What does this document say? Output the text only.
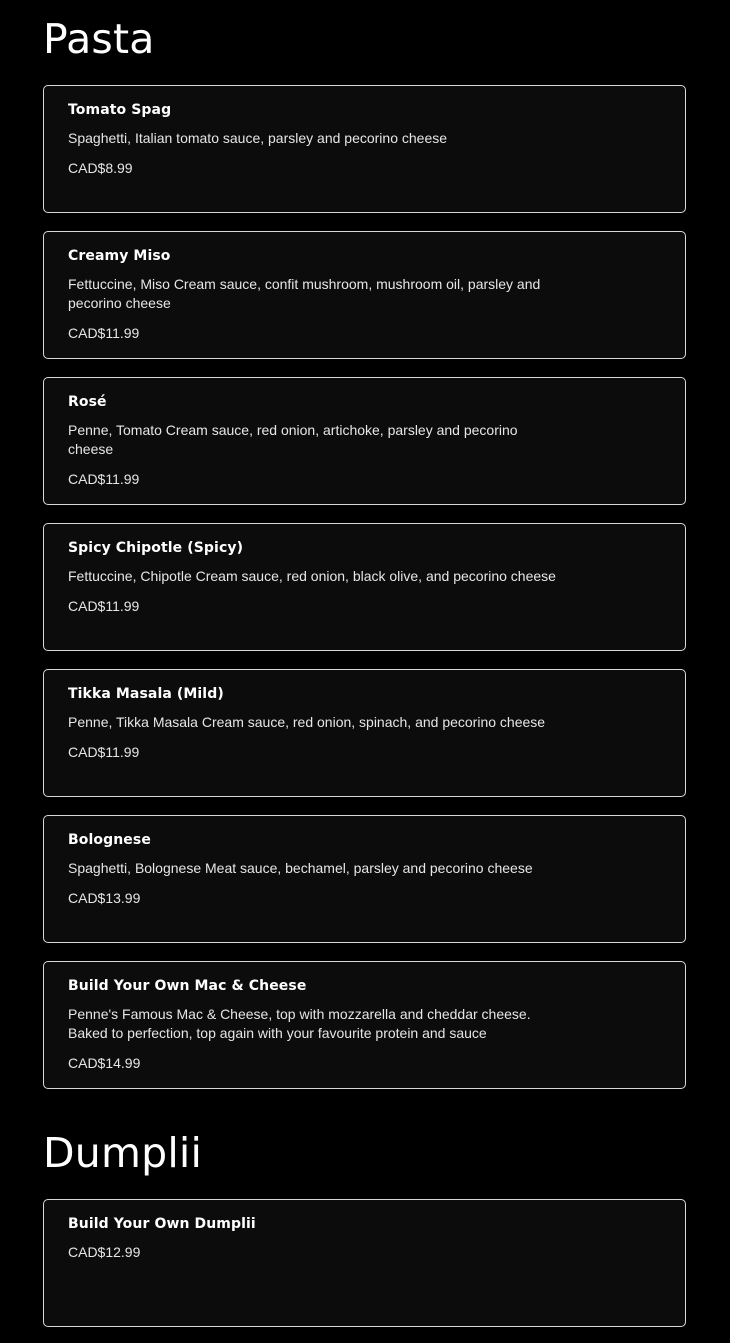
Pasta
Tomato Spag
Spaghetti, Italian tomato sauce, parsley and pecorino cheese
CAD$8.99
Creamy Miso
Fettuccine, Miso Cream sauce, confit mushroom, mushroom oil, parsley and pecorino cheese
CAD$11.99
Rosé
Penne, Tomato Cream sauce, red onion, artichoke, parsley and pecorino cheese
CAD$11.99
Spicy Chipotle (Spicy)
Fettuccine, Chipotle Cream sauce, red onion, black olive, and pecorino cheese
CAD$11.99
Tikka Masala (Mild)
Penne, Tikka Masala Cream sauce, red onion, spinach, and pecorino cheese
CAD$11.99
Bolognese
Spaghetti, Bolognese Meat sauce, bechamel, parsley and pecorino cheese
CAD$13.99
Build Your Own Mac & Cheese
Penne's Famous Mac & Cheese, top with mozzarella and cheddar cheese. Baked to perfection, top again with your favourite protein and sauce
CAD$14.99
Dumplii
Build Your Own Dumplii
CAD$12.99
